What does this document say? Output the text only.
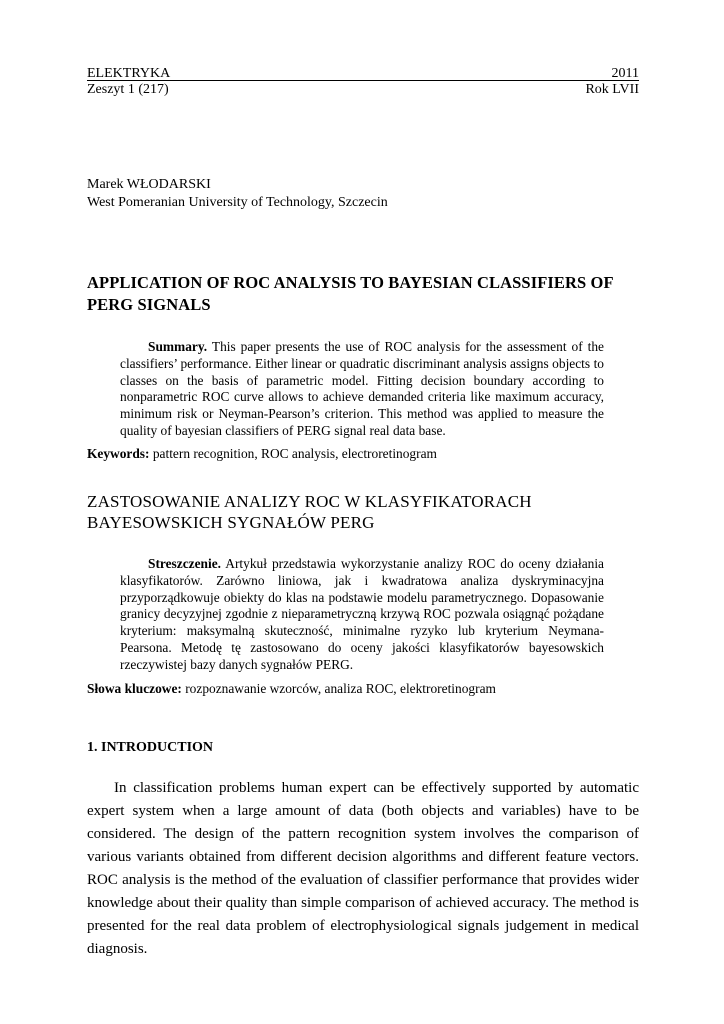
ELEKTRYKA	2011
Zeszyt 1 (217)	Rok LVII
Marek WŁODARSKI
West Pomeranian University of Technology, Szczecin
APPLICATION OF ROC ANALYSIS TO BAYESIAN CLASSIFIERS OF PERG SIGNALS

Summary. This paper presents the use of ROC analysis for the assessment of the classifiers’ performance. Either linear or quadratic discriminant analysis assigns objects to classes on the basis of parametric model. Fitting decision boundary according to nonparametric ROC curve allows to achieve demanded criteria like maximum accuracy, minimum risk or Neyman-Pearson’s criterion. This method was applied to measure the quality of bayesian classifiers of PERG signal real data base.

Keywords: pattern recognition, ROC analysis, electroretinogram
ZASTOSOWANIE ANALIZY ROC W KLASYFIKATORACH BAYESOWSKICH SYGNAŁÓW PERG

Streszczenie. Artykuł przedstawia wykorzystanie analizy ROC do oceny działania klasyfikatorów. Zarówno liniowa, jak i kwadratowa analiza dyskryminacyjna przyporządkowuje obiekty do klas na podstawie modelu parametrycznego. Dopasowanie granicy decyzyjnej zgodnie z nieparametryczną krzywą ROC pozwala osiągnąć pożądane kryterium: maksymalną skuteczność, minimalne ryzyko lub kryterium Neymana-Pearsona. Metodę tę zastosowano do oceny jakości klasyfikatorów bayesowskich rzeczywistej bazy danych sygnałów PERG.

Słowa kluczowe: rozpoznawanie wzorców, analiza ROC, elektroretinogram
1. INTRODUCTION

In classification problems human expert can be effectively supported by automatic expert system when a large amount of data (both objects and variables) have to be considered. The design of the pattern recognition system involves the comparison of various variants obtained from different decision algorithms and different feature vectors. ROC analysis is the method of the evaluation of classifier performance that provides wider knowledge about their quality than simple comparison of achieved accuracy. The method is presented for the real data problem of electrophysiological signals judgement in medical diagnosis.
